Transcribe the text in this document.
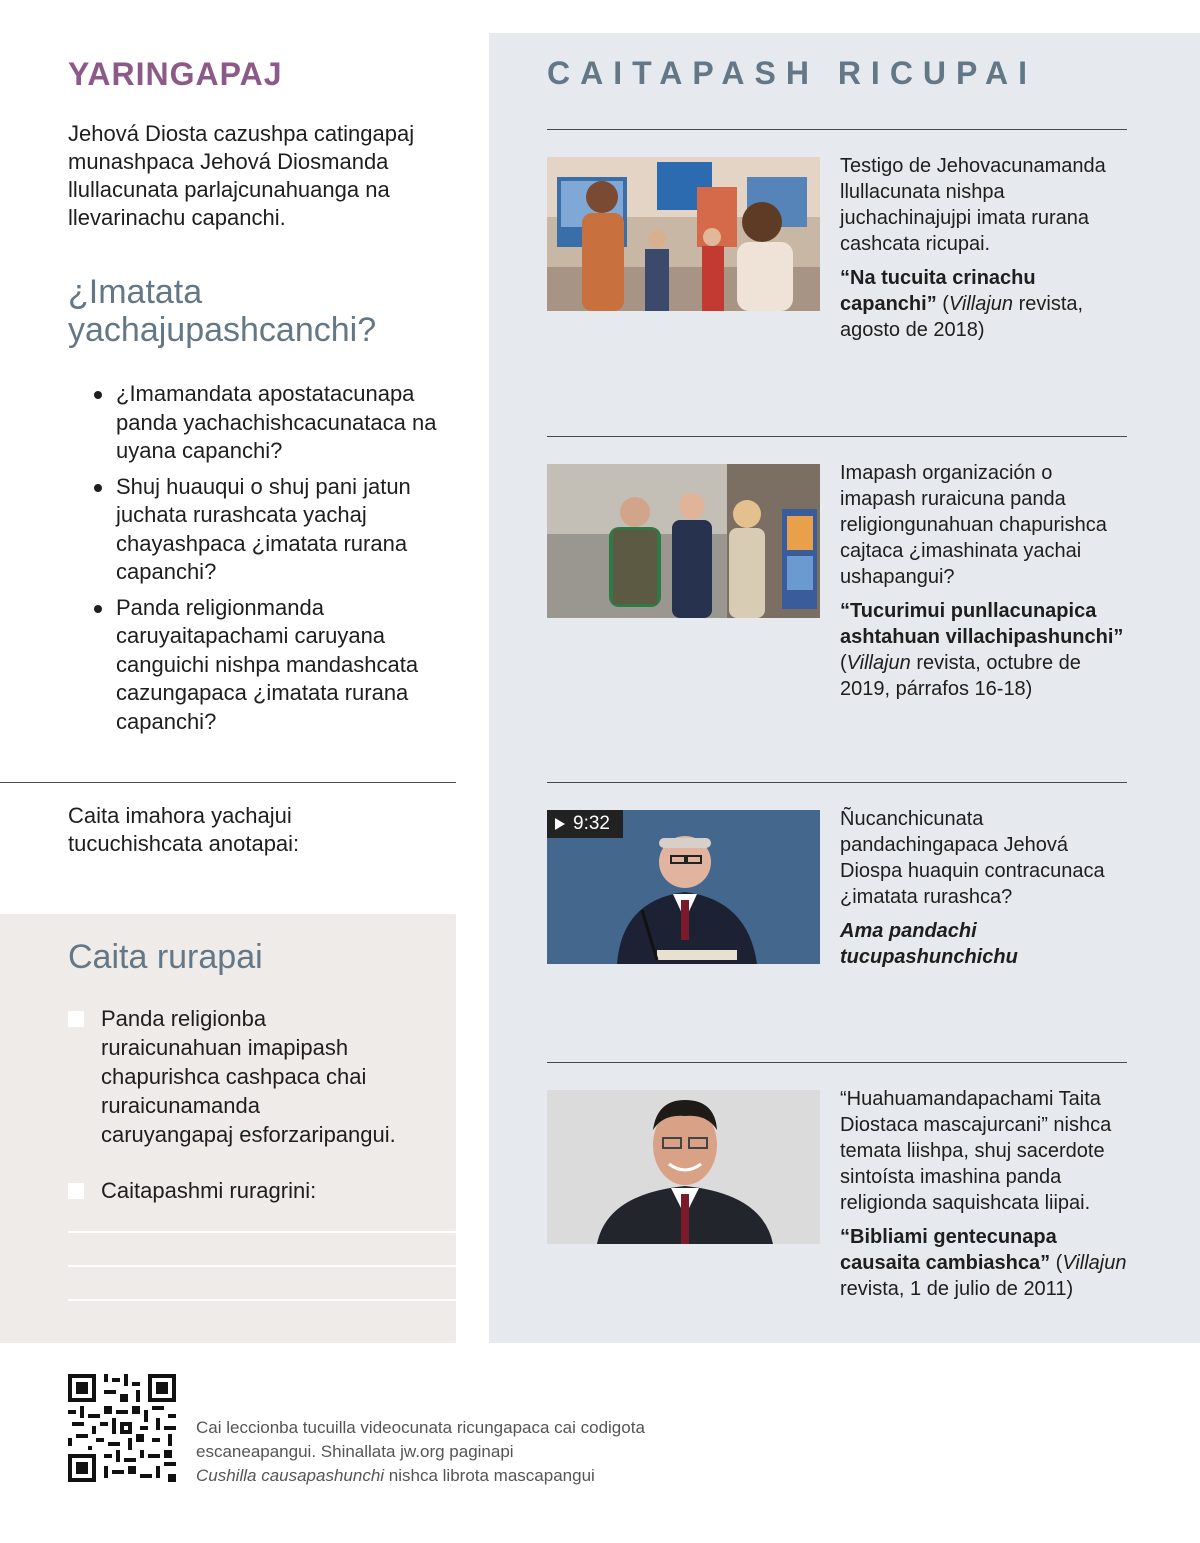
YARINGAPAJ

Jehová Diosta cazushpa catingapaj munashpaca Jehová Diosmanda llullacunata parlajcunahuanga na llevarinachu capanchi.

¿Imatata yachajupashcanchi?
¿Imamandata apostatacunapa panda yachachishcacunataca na uyana capanchi?
Shuj huauqui o shuj pani jatun juchata rurashcata yachaj chayashpaca ¿imatata rurana capanchi?
Panda religionmanda caruyaitapachami caruyana canguichi nishpa mandashcata cazungapaca ¿imatata rurana capanchi?

Caita imahora yachajui tucuchishcata anotapai:

Caita rurapai
Panda religionba ruraicunahuan imapipash chapurishca cashpaca chai ruraicunamanda caruyangapaj esforzaripangui.
Caitapashmi ruragrini:
CAITAPASH RICUPAI

Testigo de Jehovacunamanda llullacunata nishpa juchachinajujpi imata rurana cashcata ricupai.

“Na tucuita crinachu capanchi” (Villajun revista, agosto de 2018)

Imapash organización o imapash ruraicuna panda religiongunahuan chapurishca cajtaca ¿imashinata yachai ushapangui?

“Tucurimui punllacunapica ashtahuan villachipashunchi”
(Villajun revista, octubre de 2019, párrafos 16-18)

9:32	Ñucanchicunata pandachingapaca Jehová Diospa huaquin contracunaca ¿imatata rurashca?

Ama pandachi tucupashunchichu

“Huahuamandapachami Taita Diostaca mascajurcani” nishca temata liishpa, shuj sacerdote sintoísta imashina panda religionda saquishcata liipai.

“Bibliami gentecunapa causaita cambiashca” (Villajun revista, 1 de julio de 2011)

Cai leccionba tucuilla videocunata ricungapaca cai codigota escaneapangui. Shinallata jw.org paginapi
Cushilla causapashunchi nishca librota mascapangui
